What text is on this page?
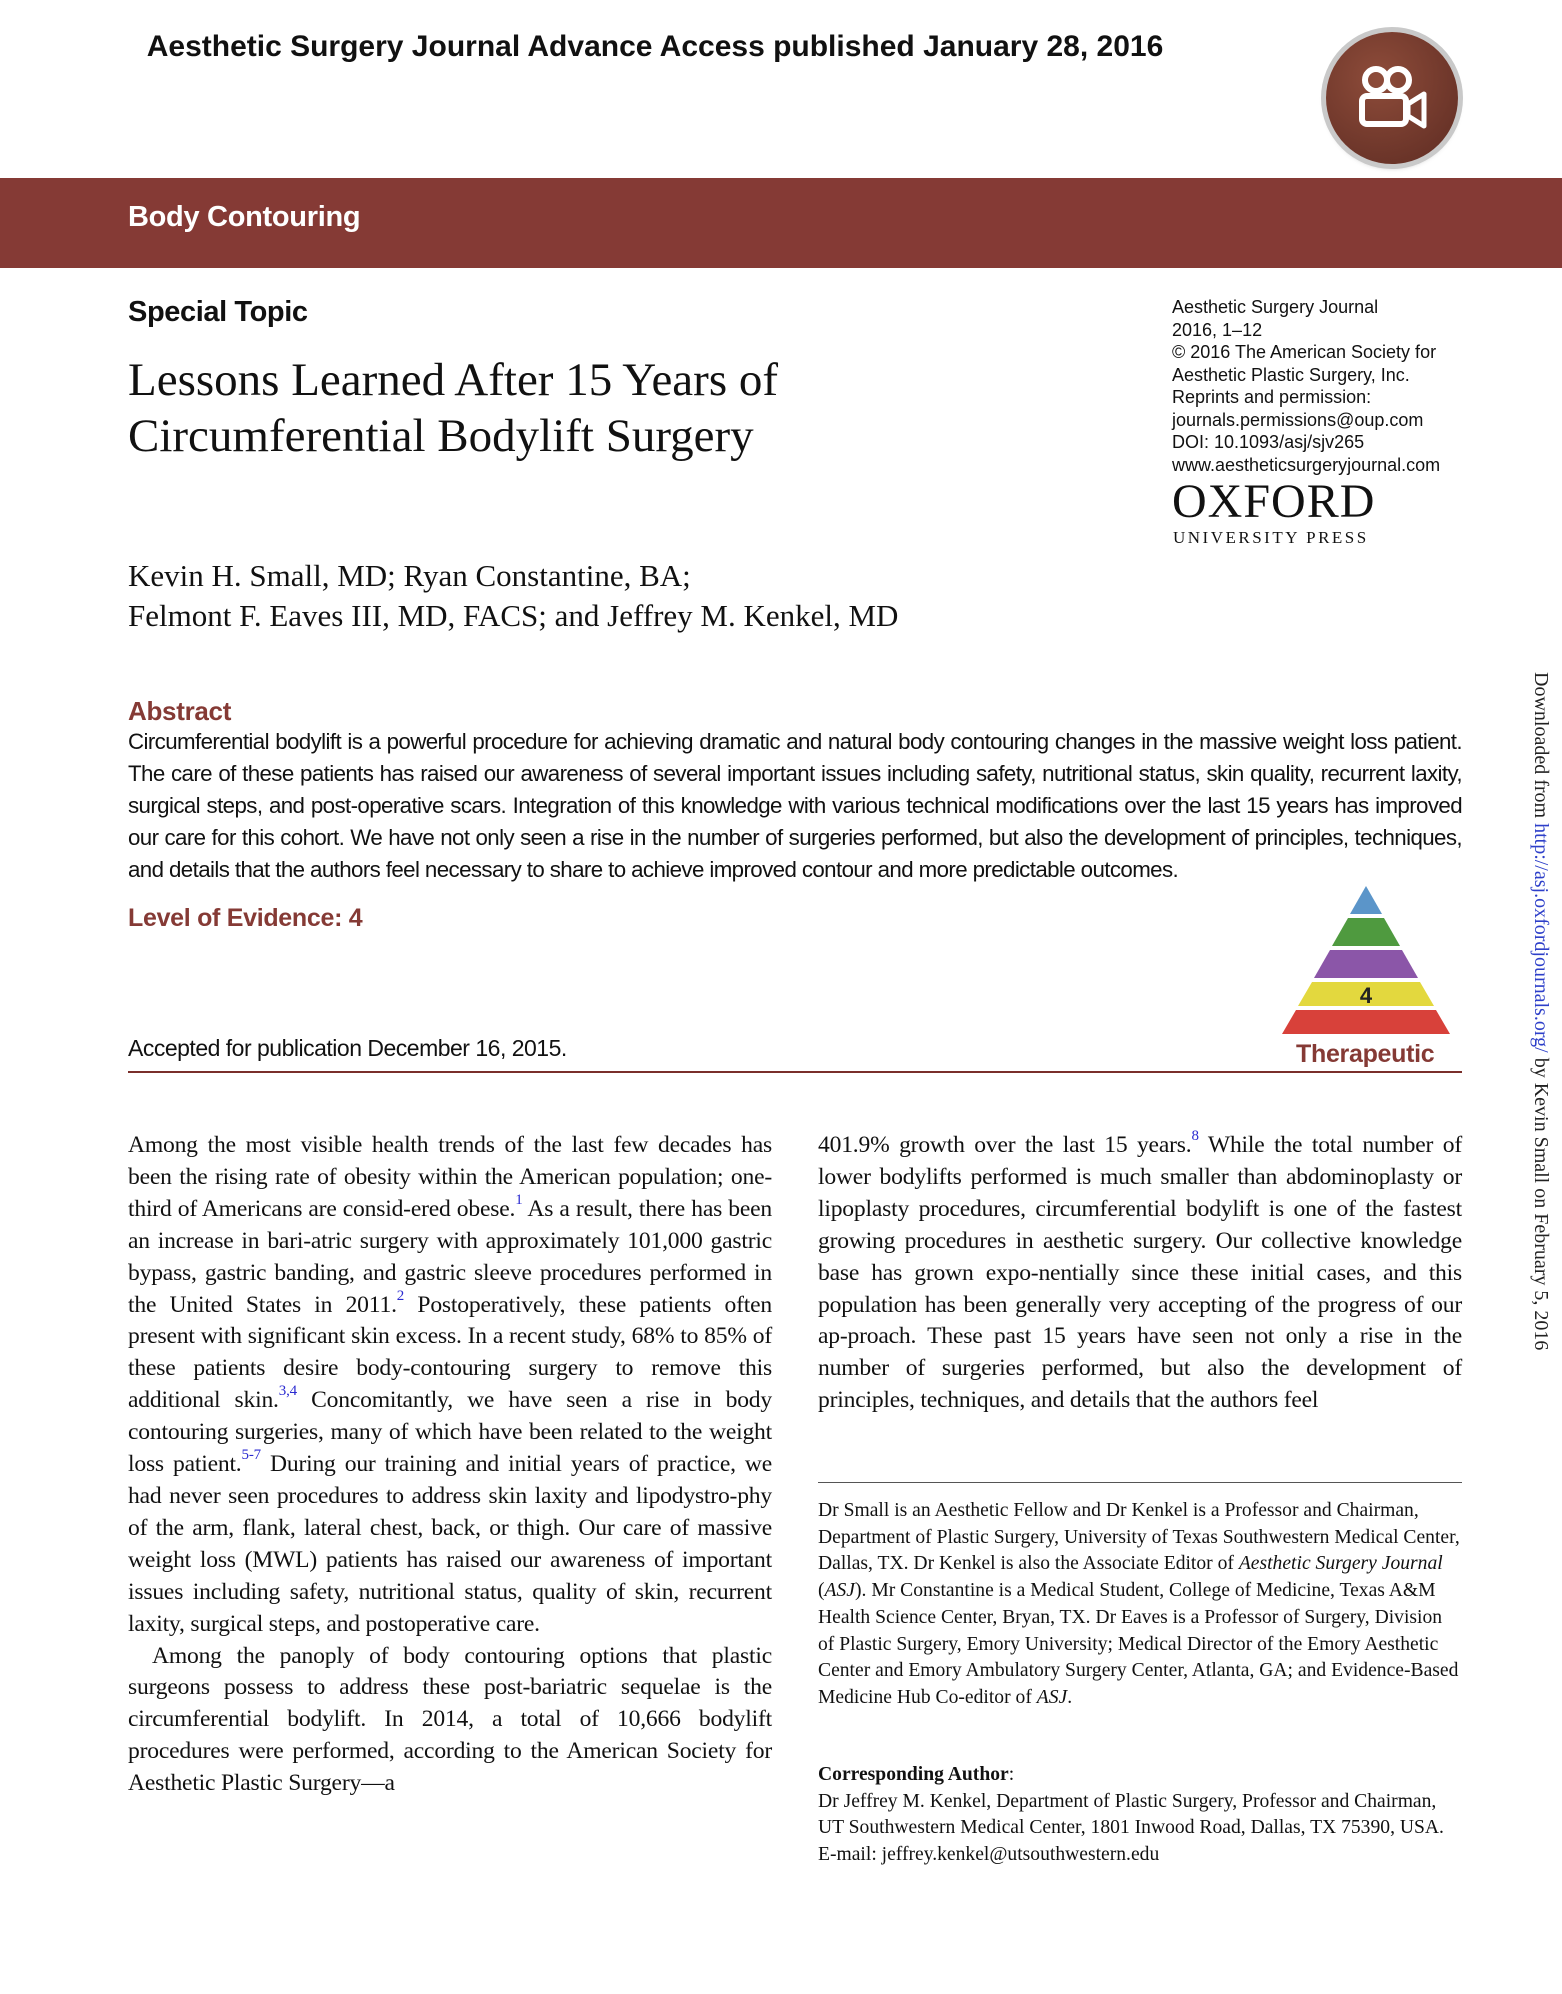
Aesthetic Surgery Journal Advance Access published January 28, 2016
Body Contouring
Special Topic
Lessons Learned After 15 Years of
Circumferential Bodylift Surgery
Aesthetic Surgery Journal
2016, 1–12
© 2016 The American Society for
Aesthetic Plastic Surgery, Inc.
Reprints and permission:
journals.permissions@oup.com
DOI: 10.1093/asj/sjv265
www.aestheticsurgeryjournal.com
OXFORD
UNIVERSITY PRESS
Kevin H. Small, MD; Ryan Constantine, BA;
Felmont F. Eaves III, MD, FACS; and Jeffrey M. Kenkel, MD
Abstract
Circumferential bodylift is a powerful procedure for achieving dramatic and natural body contouring changes in the massive weight loss patient. The care of these patients has raised our awareness of several important issues including safety, nutritional status, skin quality, recurrent laxity, surgical steps, and post-operative scars. Integration of this knowledge with various technical modifications over the last 15 years has improved our care for this cohort. We have not only seen a rise in the number of surgeries performed, but also the development of principles, techniques, and details that the authors feel necessary to share to achieve improved contour and more predictable outcomes.
Level of Evidence: 4
4
Therapeutic
Accepted for publication December 16, 2015.
Downloaded from http://asj.oxfordjournals.org/ by Kevin Small on February 5, 2016

Among the most visible health trends of the last few decades has been the rising rate of obesity within the American population; one-third of Americans are consid-ered obese.$^1$ As a result, there has been an increase in bari-atric surgery with approximately 101,000 gastric bypass, gastric banding, and gastric sleeve procedures performed in the United States in 2011.$^2$ Postoperatively, these patients often present with significant skin excess. In a recent study, 68% to 85% of these patients desire body-contouring surgery to remove this additional skin.$^{3,4}$ Concomitantly, we have seen a rise in body contouring surgeries, many of which have been related to the weight loss patient.$^{5-7}$ During our training and initial years of practice, we had never seen procedures to address skin laxity and lipodystro-phy of the arm, flank, lateral chest, back, or thigh. Our care of massive weight loss (MWL) patients has raised our awareness of important issues including safety, nutritional status, quality of skin, recurrent laxity, surgical steps, and postoperative care.

Among the panoply of body contouring options that plastic surgeons possess to address these post-bariatric sequelae is the circumferential bodylift. In 2014, a total of 10,666 bodylift procedures were performed, according to the American Society for Aesthetic Plastic Surgery—a

401.9% growth over the last 15 years.$^8$ While the total number of lower bodylifts performed is much smaller than abdominoplasty or lipoplasty procedures, circumferential bodylift is one of the fastest growing procedures in aesthetic surgery. Our collective knowledge base has grown expo-nentially since these initial cases, and this population has been generally very accepting of the progress of our ap-proach. These past 15 years have seen not only a rise in the number of surgeries performed, but also the development of principles, techniques, and details that the authors feel

Dr Small is an Aesthetic Fellow and Dr Kenkel is a Professor and Chairman, Department of Plastic Surgery, University of Texas Southwestern Medical Center, Dallas, TX. Dr Kenkel is also the Associate Editor of Aesthetic Surgery Journal (ASJ). Mr Constantine is a Medical Student, College of Medicine, Texas A&M Health Science Center, Bryan, TX. Dr Eaves is a Professor of Surgery, Division of Plastic Surgery, Emory University; Medical Director of the Emory Aesthetic Center and Emory Ambulatory Surgery Center, Atlanta, GA; and Evidence-Based Medicine Hub Co-editor of ASJ.

Corresponding Author:

Dr Jeffrey M. Kenkel, Department of Plastic Surgery, Professor and Chairman, UT Southwestern Medical Center, 1801 Inwood Road, Dallas, TX 75390, USA.

E-mail: jeffrey.kenkel@utsouthwestern.edu
